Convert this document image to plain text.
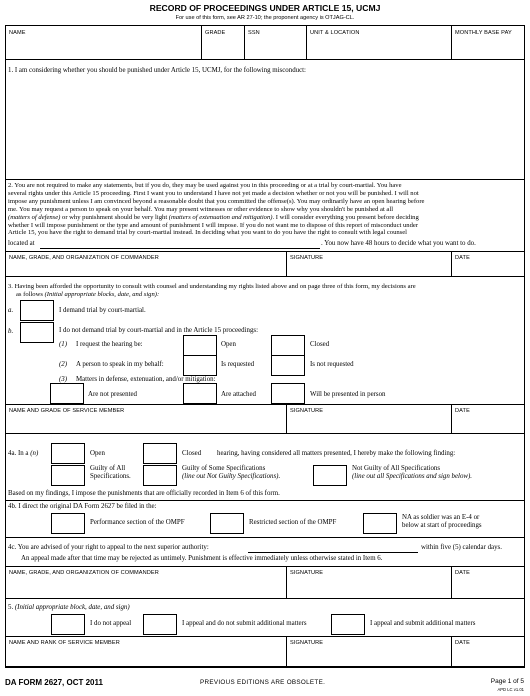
RECORD OF PROCEEDINGS UNDER ARTICLE 15, UCMJ
For use of this form, see AR 27-10; the proponent agency is OTJAG-CL.
NAME	GRADE	SSN	UNIT & LOCATION	MONTHLY BASE PAY
1. I am considering whether you should be punished under Article 15, UCMJ, for the following misconduct:
2. You are not required to make any statements, but if you do, they may be used against you in this proceeding or at a trial by court-martial. You have
several rights under this Article 15 proceeding. First I want you to understand I have not yet made a decision whether or not you will be punished. I will not
impose any punishment unless I am convinced beyond a reasonable doubt that you committed the offense(s). You may ordinarily have an open hearing before
me. You may request a person to speak on your behalf. You may present witnesses or other evidence to show why you shouldn't be punished at all
(matters of defense) or why punishment should be very light (matters of extenuation and mitigation). I will consider everything you present before deciding
whether I will impose punishment or the type and amount of punishment I will impose. If you do not want me to dispose of this report of misconduct under
Article 15, you have the right to demand trial by court-martial instead. In deciding what you want to do you have the right to consult with legal counsel
located at	. You now have 48 hours to decide what you want to do.
NAME, GRADE, AND ORGANIZATION OF COMMANDER	SIGNATURE	DATE
3. Having been afforded the opportunity to consult with counsel and understanding my rights listed above and on page three of this form, my decisions are
as follows (Initial appropriate blocks, date, and sign):
a.	I demand trial by court-martial.
b.	I do not demand trial by court-martial and in the Article 15 proceedings:
(1) I request the hearing be:	Open	Closed
(2) A person to speak in my behalf:	Is requested	Is not requested
(3) Matters in defense, extenuation, and/or mitigation:
Are not presented	Are attached	Will be presented in person
NAME AND GRADE OF SERVICE MEMBER	SIGNATURE	DATE
4a. In a (n)	Open	Closed hearing, having considered all matters presented, I hereby make the following finding:
Guilty of All
Specifications.
Guilty of Some Specifications
(line out Not Guilty Specifications).
Not Guilty of All Specifications
(line out all Specifications and sign below).
Based on my findings, I impose the punishments that are officially recorded in Item 6 of this form.
4b. I direct the original DA Form 2627 be filed in the:
Performance section of the OMPF	Restricted section of the OMPF
NA as soldier was an E-4 or
below at start of proceedings
4c. You are advised of your right to appeal to the next superior authority:	within five (5) calendar days.
An appeal made after that time may be rejected as untimely. Punishment is effective immediately unless otherwise stated in Item 6.
NAME, GRADE, AND ORGANIZATION OF COMMANDER	SIGNATURE	DATE
5. (Initial appropriate block, date, and sign)
I do not appeal	I appeal and do not submit additional matters	I appeal and submit additional matters
NAME AND RANK OF SERVICE MEMBER	SIGNATURE	DATE
DA FORM 2627, OCT 2011	PREVIOUS EDITIONS ARE OBSOLETE.	Page 1 of 5
APD LC v1.01
